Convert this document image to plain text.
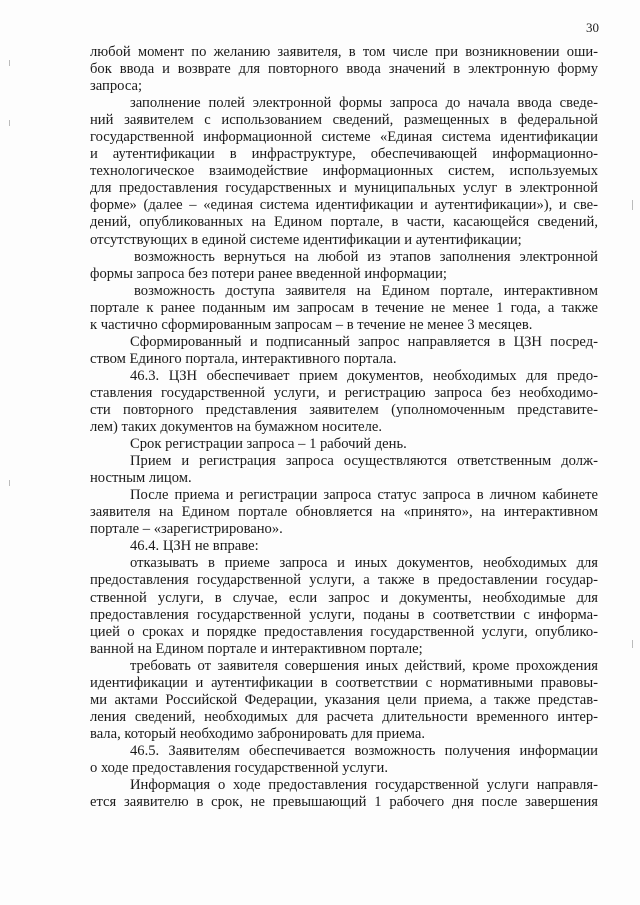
30
любой момент по желанию заявителя, в том числе при возникновении оши-
бок ввода и возврате для повторного ввода значений в электронную форму
запроса;
заполнение полей электронной формы запроса до начала ввода сведе-
ний заявителем с использованием сведений, размещенных в федеральной
государственной информационной системе «Единая система идентификации
и аутентификации в инфраструктуре, обеспечивающей информационно-
технологическое взаимодействие информационных систем, используемых
для предоставления государственных и муниципальных услуг в электронной
форме» (далее – «единая система идентификации и аутентификации»), и све-
дений, опубликованных на Едином портале, в части, касающейся сведений,
отсутствующих в единой системе идентификации и аутентификации;
возможность вернуться на любой из этапов заполнения электронной
формы запроса без потери ранее введенной информации;
возможность доступа заявителя на Едином портале, интерактивном
портале к ранее поданным им запросам в течение не менее 1 года, а также
к частично сформированным запросам – в течение не менее 3 месяцев.
Сформированный и подписанный запрос направляется в ЦЗН посред-
ством Единого портала, интерактивного портала.
46.3. ЦЗН обеспечивает прием документов, необходимых для предо-
ставления государственной услуги, и регистрацию запроса без необходимо-
сти повторного представления заявителем (уполномоченным представите-
лем) таких документов на бумажном носителе.
Срок регистрации запроса – 1 рабочий день.
Прием и регистрация запроса осуществляются ответственным долж-
ностным лицом.
После приема и регистрации запроса статус запроса в личном кабинете
заявителя на Едином портале обновляется на «принято», на интерактивном
портале – «зарегистрировано».
46.4. ЦЗН не вправе:
отказывать в приеме запроса и иных документов, необходимых для
предоставления государственной услуги, а также в предоставлении государ-
ственной услуги, в случае, если запрос и документы, необходимые для
предоставления государственной услуги, поданы в соответствии с информа-
цией о сроках и порядке предоставления государственной услуги, опублико-
ванной на Едином портале и интерактивном портале;
требовать от заявителя совершения иных действий, кроме прохождения
идентификации и аутентификации в соответствии с нормативными правовы-
ми актами Российской Федерации, указания цели приема, а также представ-
ления сведений, необходимых для расчета длительности временного интер-
вала, который необходимо забронировать для приема.
46.5. Заявителям обеспечивается возможность получения информации
о ходе предоставления государственной услуги.
Информация о ходе предоставления государственной услуги направля-
ется заявителю в срок, не превышающий 1 рабочего дня после завершения
